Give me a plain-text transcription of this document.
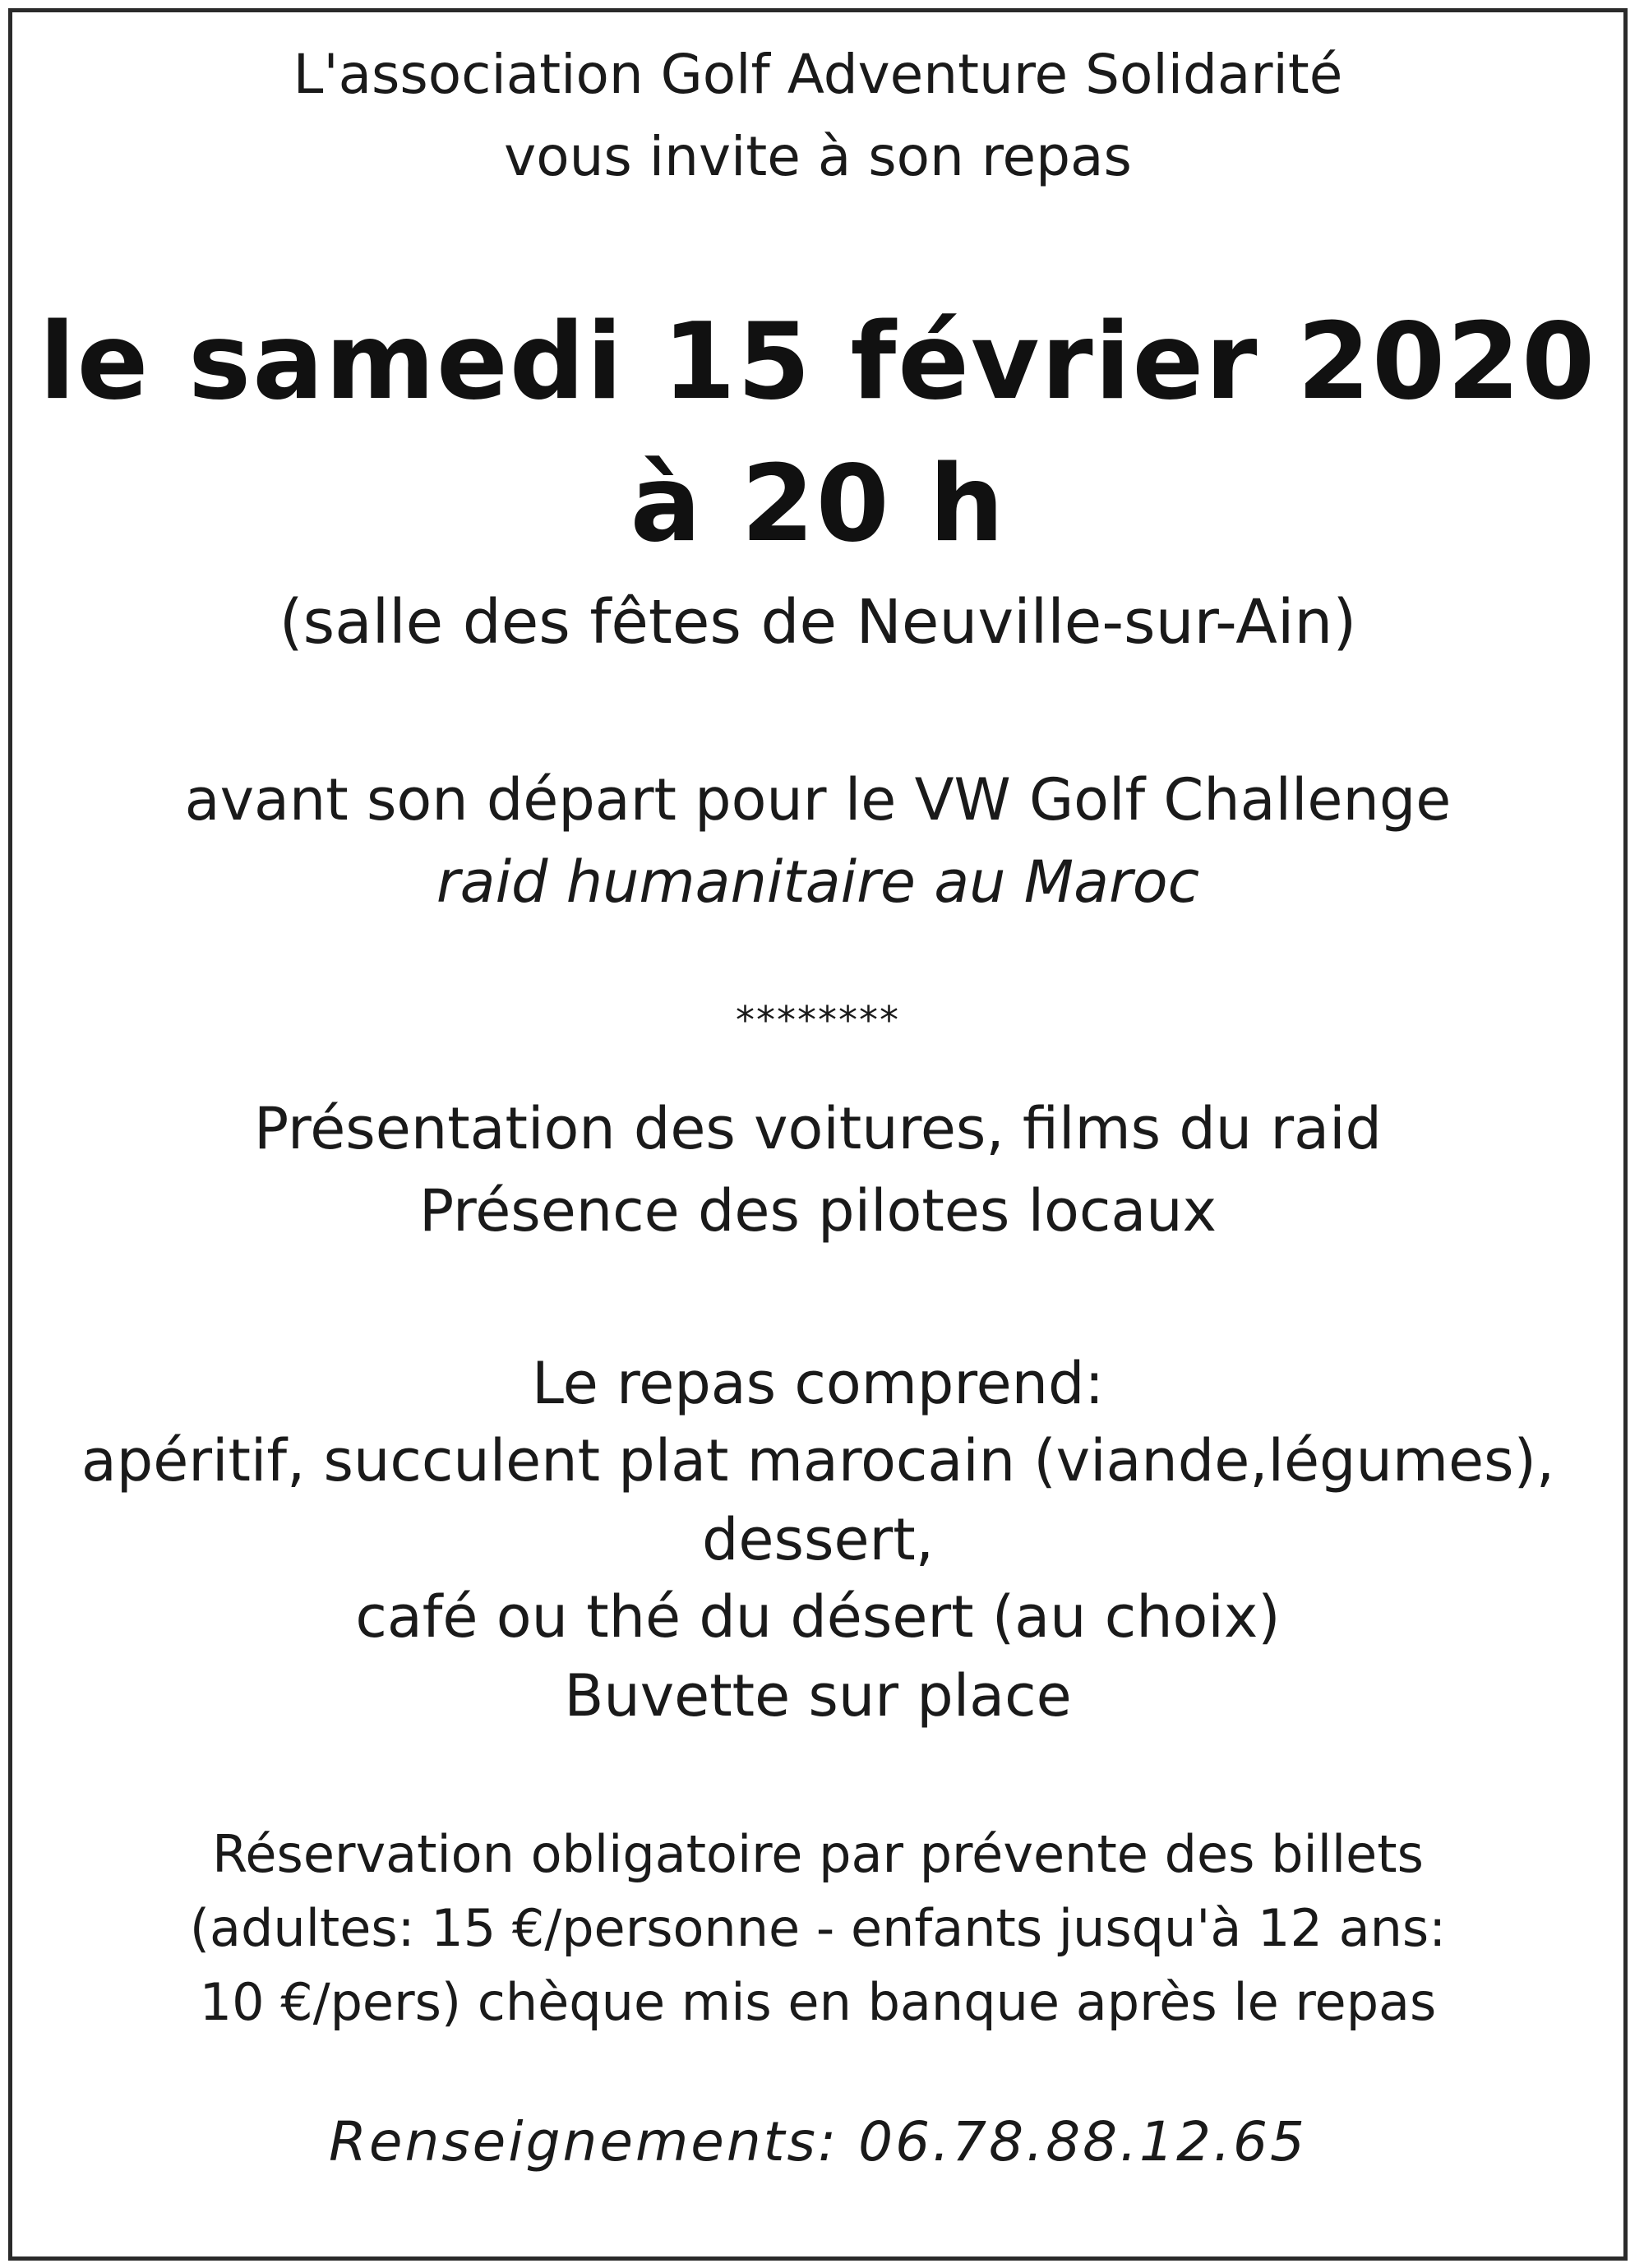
L'association Golf Adventure Solidarité
vous invite à son repas
le samedi 15 février 2020
à 20 h
(salle des fêtes de Neuville-sur-Ain)
avant son départ pour le VW Golf Challenge
raid humanitaire au Maroc
********
Présentation des voitures, films du raid
Présence des pilotes locaux
Le repas comprend:
apéritif, succulent plat marocain (viande,légumes),
dessert,
café ou thé du désert (au choix)
Buvette sur place
Réservation obligatoire par prévente des billets
(adultes: 15 €/personne - enfants jusqu'à 12 ans:
10 €/pers) chèque mis en banque après le repas
Renseignements: 06.78.88.12.65
